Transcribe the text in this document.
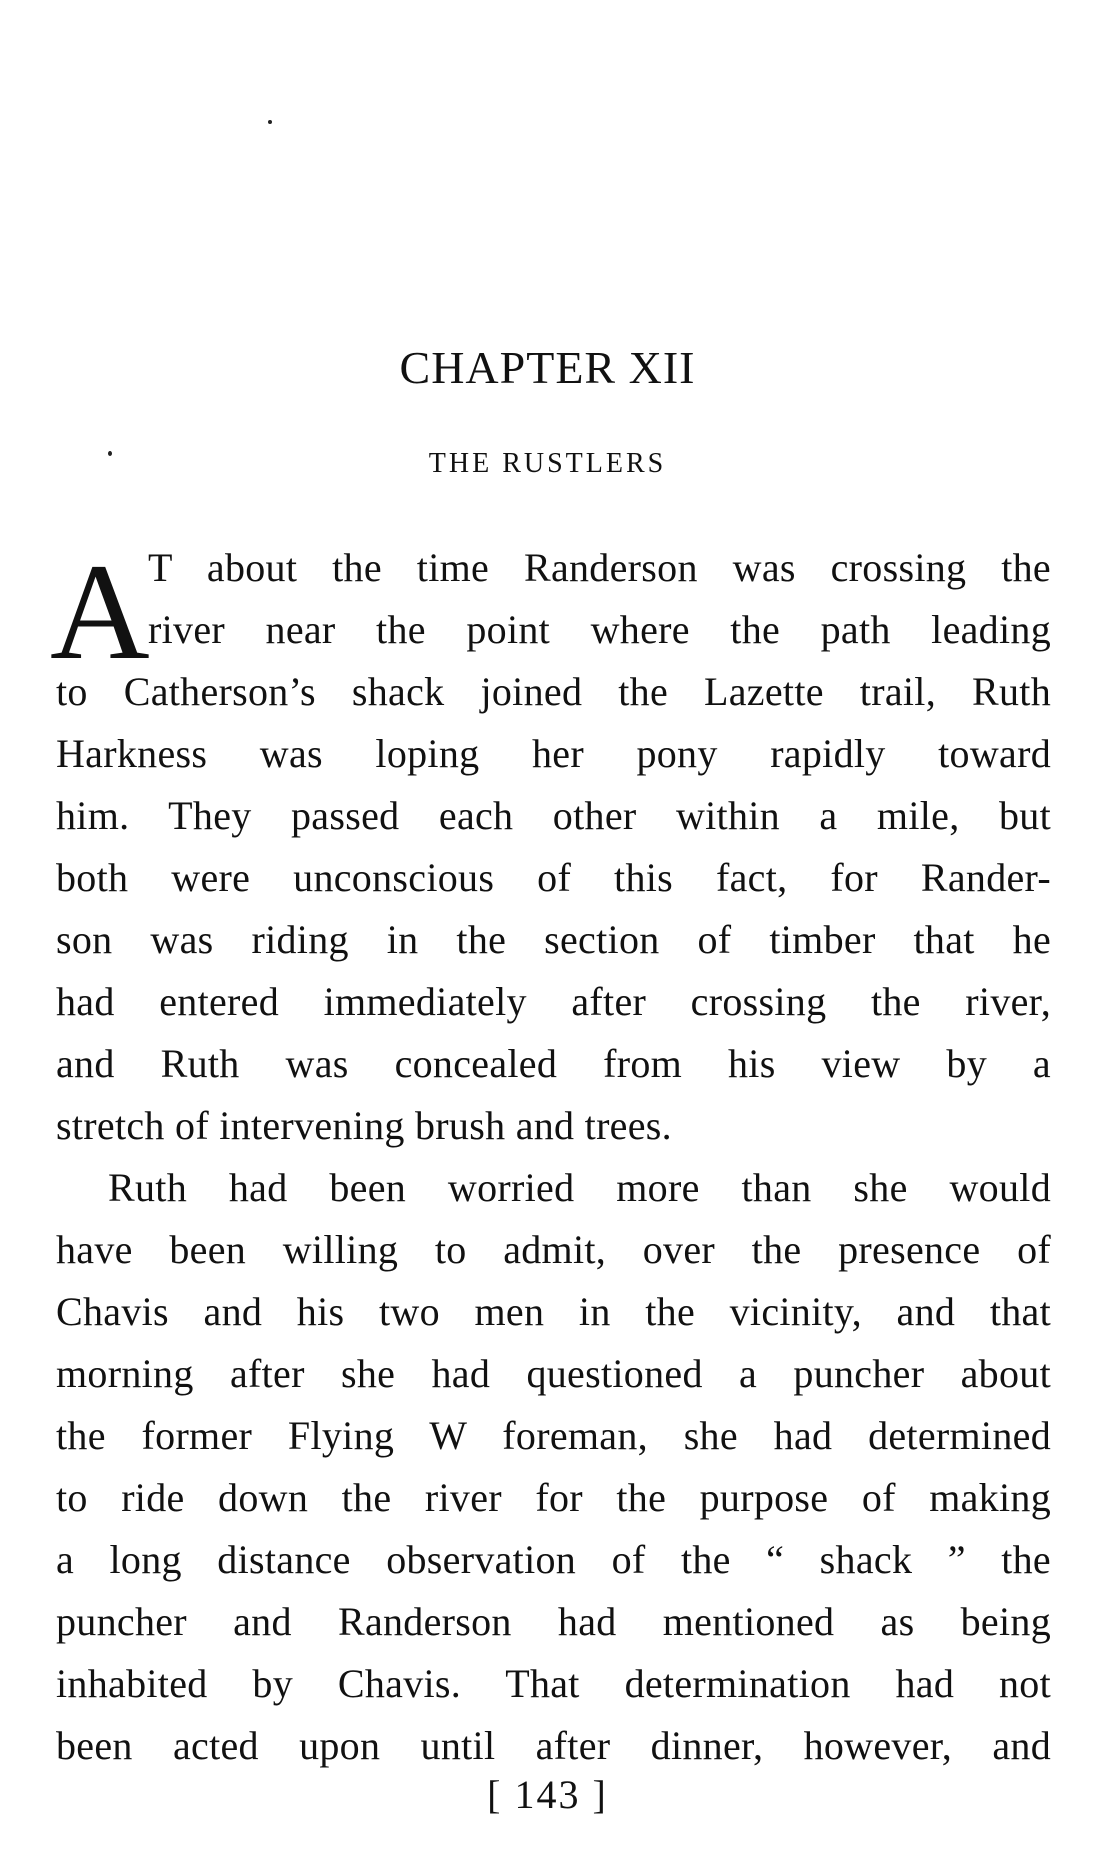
CHAPTER XII
THE RUSTLERS
A
T about the time Randerson was crossing the
river near the point where the path leading
to Catherson’s shack joined the Lazette trail, Ruth
Harkness was loping her pony rapidly toward
him. They passed each other within a mile, but
both were unconscious of this fact, for Rander-
son was riding in the section of timber that he
had entered immediately after crossing the river,
and Ruth was concealed from his view by a
stretch of intervening brush and trees.
Ruth had been worried more than she would
have been willing to admit, over the presence of
Chavis and his two men in the vicinity, and that
morning after she had questioned a puncher about
the former Flying W foreman, she had determined
to ride down the river for the purpose of making
a long distance observation of the “ shack ” the
puncher and Randerson had mentioned as being
inhabited by Chavis. That determination had not
been acted upon until after dinner, however, and
[ 143 ]
